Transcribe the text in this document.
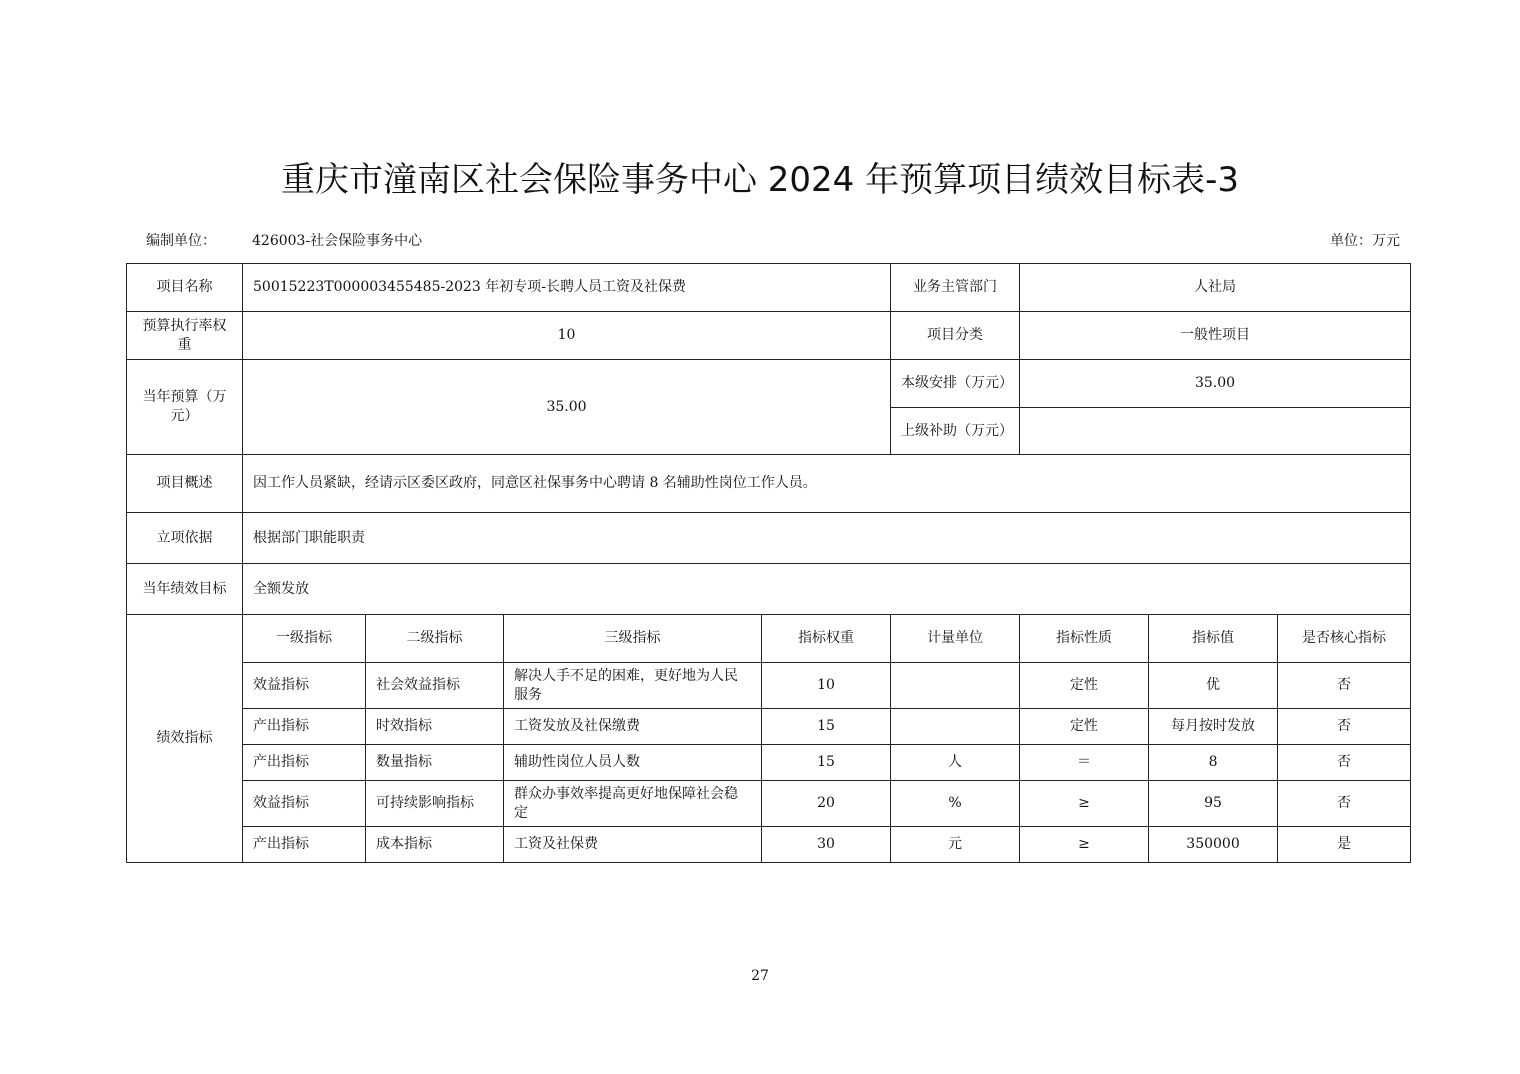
重庆市潼南区社会保险事务中心 2024 年预算项目绩效目标表-3
编制单位：	426003-社会保险事务中心	单位：万元
项目名称	50015223T000003455485-2023 年初专项-长聘人员工资及社保费				业务主管部门	人社局		
预算执行率权重	10				项目分类	一般性项目		
当年预算（万元）	35.00				本级安排（万元）	35.00		
					上级补助（万元）			
项目概述	因工作人员紧缺，经请示区委区政府，同意区社保事务中心聘请 8 名辅助性岗位工作人员。							
立项依据	根据部门职能职责							
当年绩效目标	全额发放							
绩效指标	一级指标	二级指标	三级指标	指标权重	计量单位	指标性质	指标值	是否核心指标
	效益指标	社会效益指标	解决人手不足的困难，更好地为人民服务	10		定性	优	否
	产出指标	时效指标	工资发放及社保缴费	15		定性	每月按时发放	否
	产出指标	数量指标	辅助性岗位人员人数	15	人	＝	8	否
	效益指标	可持续影响指标	群众办事效率提高更好地保障社会稳定	20	%	≥	95	否
	产出指标	成本指标	工资及社保费	30	元	≥	350000	是
27
